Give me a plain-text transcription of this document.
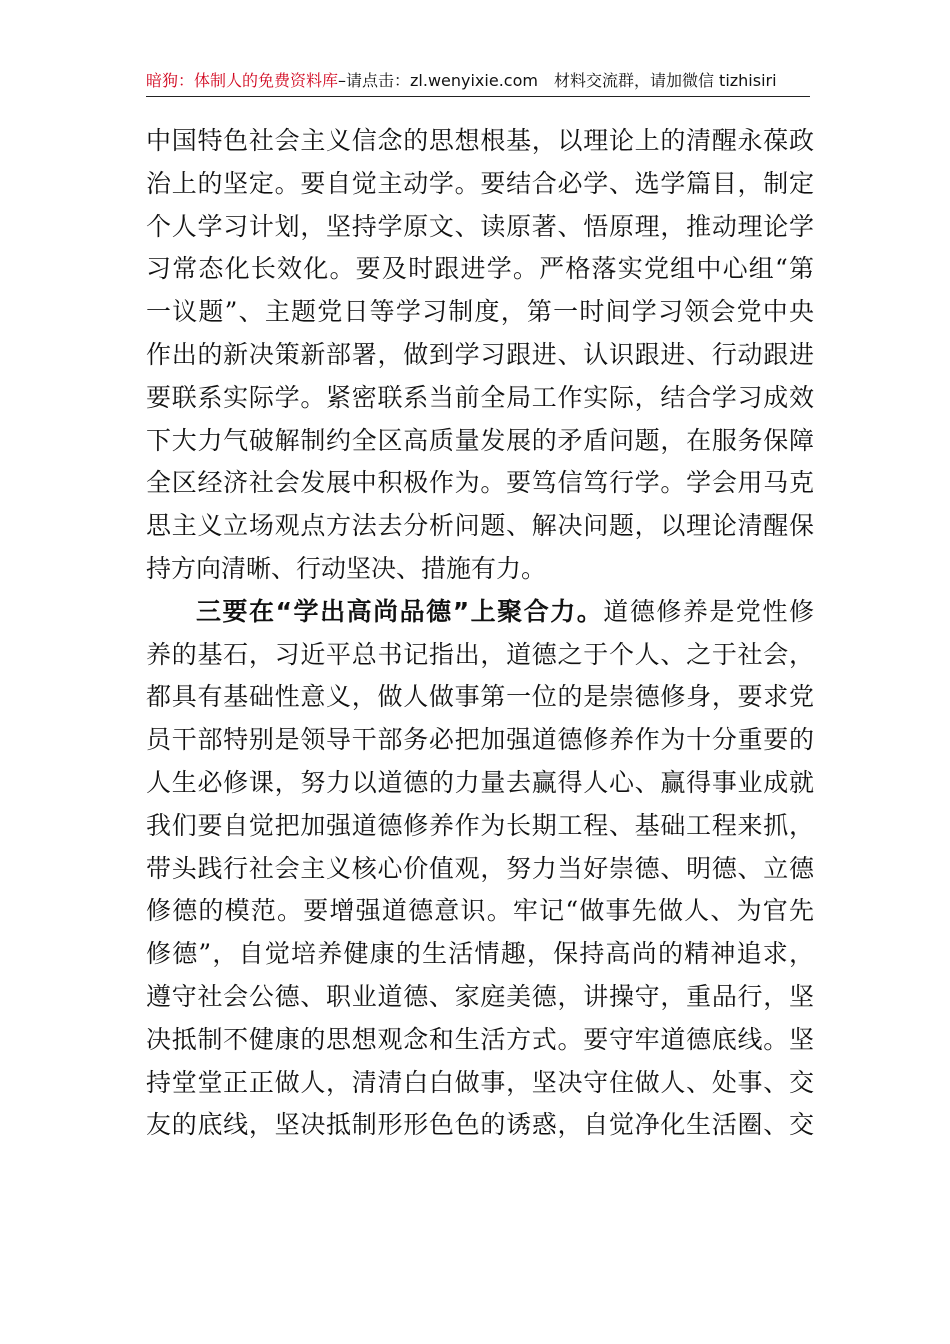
暗狗：体制人的免费资料库–请点击：zl.wenyixie.com 材料交流群，请加微信 tizhisiri
中国特色社会主义信念的思想根基，以理论上的清醒永葆政
治上的坚定。要自觉主动学。要结合必学、选学篇目，制定
个人学习计划，坚持学原文、读原著、悟原理，推动理论学
习常态化长效化。要及时跟进学。严格落实党组中心组“第
一议题”、主题党日等学习制度，第一时间学习领会党中央
作出的新决策新部署，做到学习跟进、认识跟进、行动跟进
要联系实际学。紧密联系当前全局工作实际，结合学习成效
下大力气破解制约全区高质量发展的矛盾问题，在服务保障
全区经济社会发展中积极作为。要笃信笃行学。学会用马克
思主义立场观点方法去分析问题、解决问题，以理论清醒保
持方向清晰、行动坚决、措施有力。
三要在“学出高尚品德”上聚合力。道德修养是党性修
养的基石，习近平总书记指出，道德之于个人、之于社会，
都具有基础性意义，做人做事第一位的是崇德修身，要求党
员干部特别是领导干部务必把加强道德修养作为十分重要的
人生必修课，努力以道德的力量去赢得人心、赢得事业成就
我们要自觉把加强道德修养作为长期工程、基础工程来抓，
带头践行社会主义核心价值观，努力当好崇德、明德、立德
修德的模范。要增强道德意识。牢记“做事先做人、为官先
修德”，自觉培养健康的生活情趣，保持高尚的精神追求，
遵守社会公德、职业道德、家庭美德，讲操守，重品行，坚
决抵制不健康的思想观念和生活方式。要守牢道德底线。坚
持堂堂正正做人，清清白白做事，坚决守住做人、处事、交
友的底线，坚决抵制形形色色的诱惑，自觉净化生活圈、交
